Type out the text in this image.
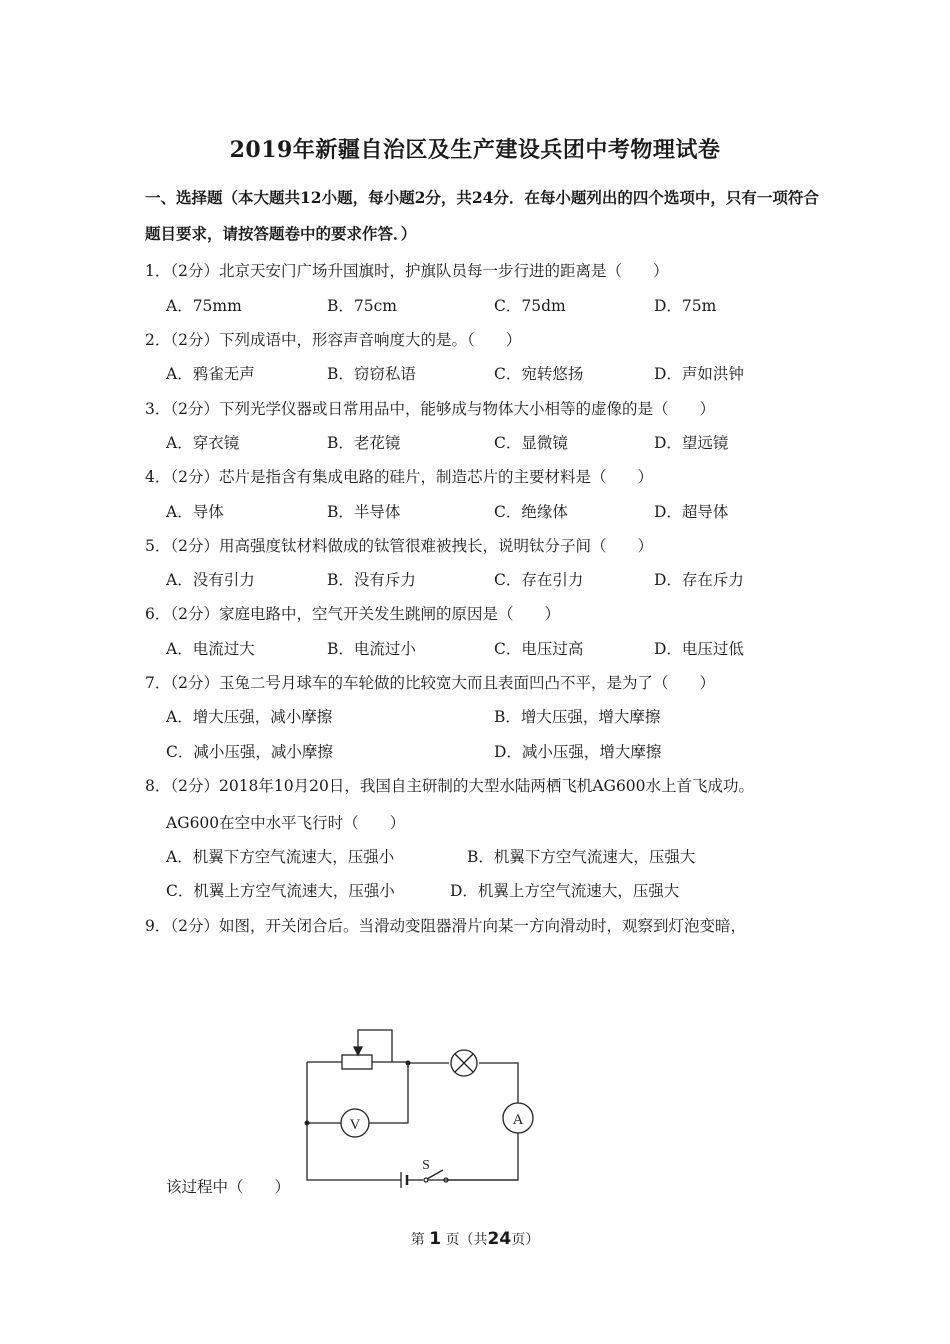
2019年新疆自治区及生产建设兵团中考物理试卷
一、选择题（本大题共12小题，每小题2分，共24分．在每小题列出的四个选项中，只有一项符合题目要求，请按答题卷中的要求作答．）
1．（2分）北京天安门广场升国旗时，护旗队员每一步行进的距离是（　　）
A．75mm	B．75cm	C．75dm	D．75m
2．（2分）下列成语中，形容声音响度大的是。（　　）
A．鸦雀无声	B．窃窃私语	C．宛转悠扬	D．声如洪钟
3．（2分）下列光学仪器或日常用品中，能够成与物体大小相等的虚像的是（　　）
A．穿衣镜	B．老花镜	C．显微镜	D．望远镜
4．（2分）芯片是指含有集成电路的硅片，制造芯片的主要材料是（　　）
A．导体	B．半导体	C．绝缘体	D．超导体
5．（2分）用高强度钛材料做成的钛管很难被拽长，说明钛分子间（　　）
A．没有引力	B．没有斥力	C．存在引力	D．存在斥力
6．（2分）家庭电路中，空气开关发生跳闸的原因是（　　）
A．电流过大	B．电流过小	C．电压过高	D．电压过低
7．（2分）玉兔二号月球车的车轮做的比较宽大而且表面凹凸不平，是为了（　　）
A．增大压强，减小摩擦	B．增大压强，增大摩擦
C．减小压强，减小摩擦	D．减小压强，增大摩擦
8．（2分）2018年10月20日，我国自主研制的大型水陆两栖飞机AG600水上首飞成功。
AG600在空中水平飞行时（　　）
A．机翼下方空气流速大，压强小	B．机翼下方空气流速大，压强大
C．机翼上方空气流速大，压强小	D．机翼上方空气流速大，压强大
9．（2分）如图，开关闭合后。当滑动变阻器滑片向某一方向滑动时，观察到灯泡变暗，
V	A
S
该过程中（　　）
第 1 页（共24页）
